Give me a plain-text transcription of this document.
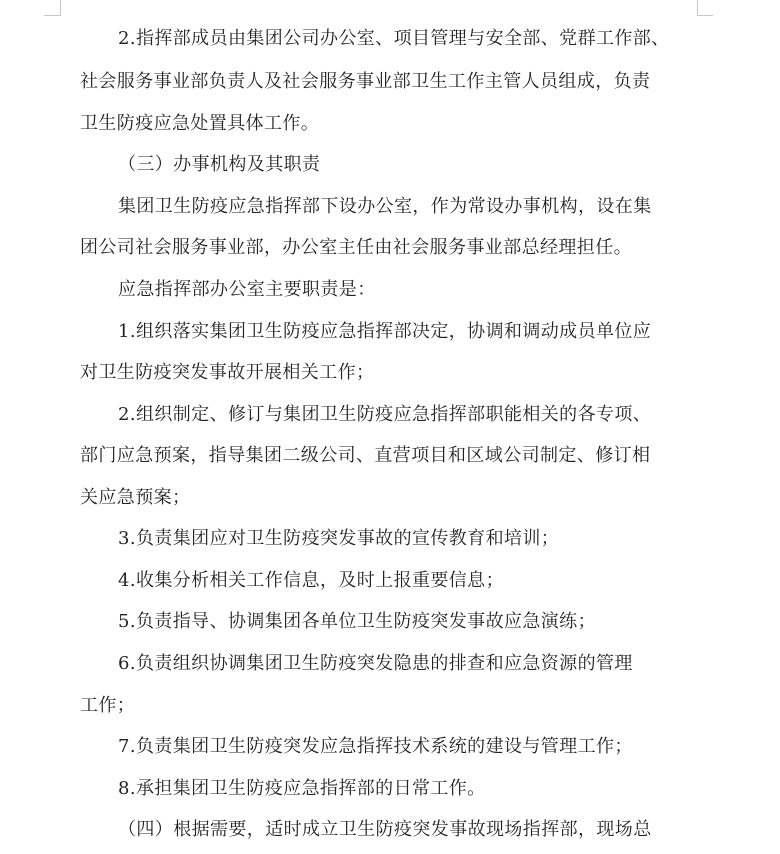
2.指挥部成员由集团公司办公室、项目管理与安全部、党群工作部、
社会服务事业部负责人及社会服务事业部卫生工作主管人员组成，负责
卫生防疫应急处置具体工作。
（三）办事机构及其职责
集团卫生防疫应急指挥部下设办公室，作为常设办事机构，设在集
团公司社会服务事业部，办公室主任由社会服务事业部总经理担任。
应急指挥部办公室主要职责是：
1.组织落实集团卫生防疫应急指挥部决定，协调和调动成员单位应
对卫生防疫突发事故开展相关工作；
2.组织制定、修订与集团卫生防疫应急指挥部职能相关的各专项、
部门应急预案，指导集团二级公司、直营项目和区域公司制定、修订相
关应急预案；
3.负责集团应对卫生防疫突发事故的宣传教育和培训；
4.收集分析相关工作信息，及时上报重要信息；
5.负责指导、协调集团各单位卫生防疫突发事故应急演练；
6.负责组织协调集团卫生防疫突发隐患的排查和应急资源的管理
工作；
7.负责集团卫生防疫突发应急指挥技术系统的建设与管理工作；
8.承担集团卫生防疫应急指挥部的日常工作。
（四）根据需要，适时成立卫生防疫突发事故现场指挥部，现场总
